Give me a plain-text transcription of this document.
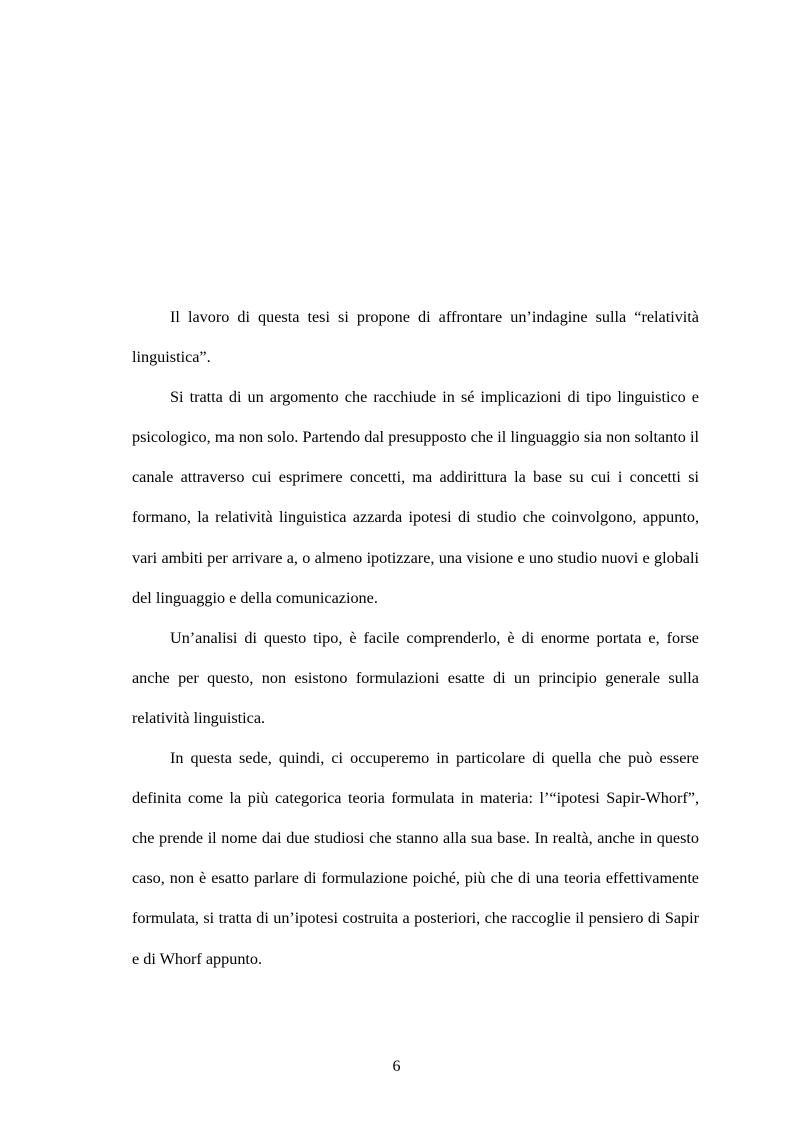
Il lavoro di questa tesi si propone di affrontare un’indagine sulla “relatività linguistica”.

Si tratta di un argomento che racchiude in sé implicazioni di tipo linguistico e psicologico, ma non solo. Partendo dal presupposto che il linguaggio sia non soltanto il canale attraverso cui esprimere concetti, ma addirittura la base su cui i concetti si formano, la relatività linguistica azzarda ipotesi di studio che coinvolgono, appunto, vari ambiti per arrivare a, o almeno ipotizzare, una visione e uno studio nuovi e globali del linguaggio e della comunicazione.

Un’analisi di questo tipo, è facile comprenderlo, è di enorme portata e, forse anche per questo, non esistono formulazioni esatte di un principio generale sulla relatività linguistica.

In questa sede, quindi, ci occuperemo in particolare di quella che può essere definita come la più categorica teoria formulata in materia: l’“ipotesi Sapir-Whorf”, che prende il nome dai due studiosi che stanno alla sua base. In realtà, anche in questo caso, non è esatto parlare di formulazione poiché, più che di una teoria effettivamente formulata, si tratta di un’ipotesi costruita a posteriori, che raccoglie il pensiero di Sapir e di Whorf appunto.

6
